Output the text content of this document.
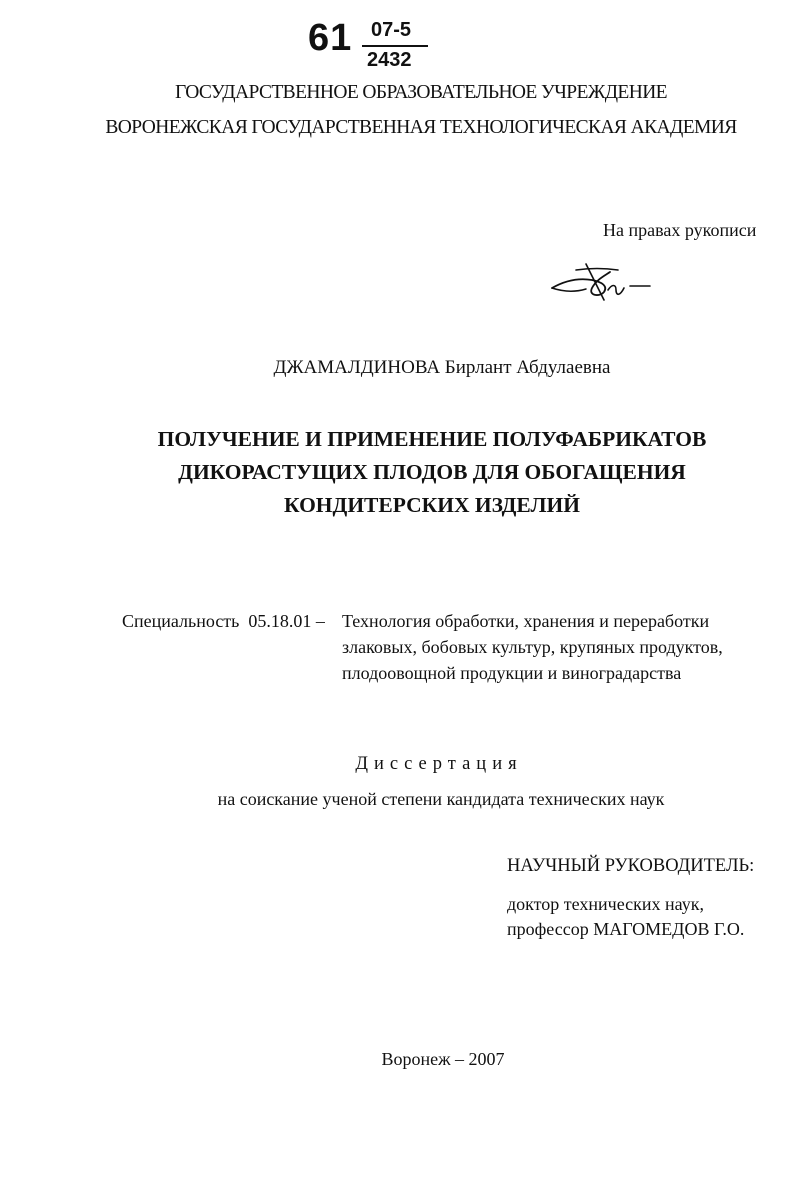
61 07-5
2432
ГОСУДАРСТВЕННОЕ ОБРАЗОВАТЕЛЬНОЕ УЧРЕЖДЕНИЕ
ВОРОНЕЖСКАЯ ГОСУДАРСТВЕННАЯ ТЕХНОЛОГИЧЕСКАЯ АКАДЕМИЯ
На правах рукописи
ДЖАМАЛДИНОВА Бирлант Абдулаевна
ПОЛУЧЕНИЕ И ПРИМЕНЕНИЕ ПОЛУФАБРИКАТОВ
ДИКОРАСТУЩИХ ПЛОДОВ ДЛЯ ОБОГАЩЕНИЯ
КОНДИТЕРСКИХ ИЗДЕЛИЙ
Специальность  05.18.01 – Технология обработки, хранения и переработки
злаковых, бобовых культур, крупяных продуктов,
плодоовощной продукции и виноградарства
Диссертация
на соискание ученой степени кандидата технических наук
НАУЧНЫЙ РУКОВОДИТЕЛЬ:
доктор технических наук,
профессор МАГОМЕДОВ Г.О.
Воронеж – 2007
